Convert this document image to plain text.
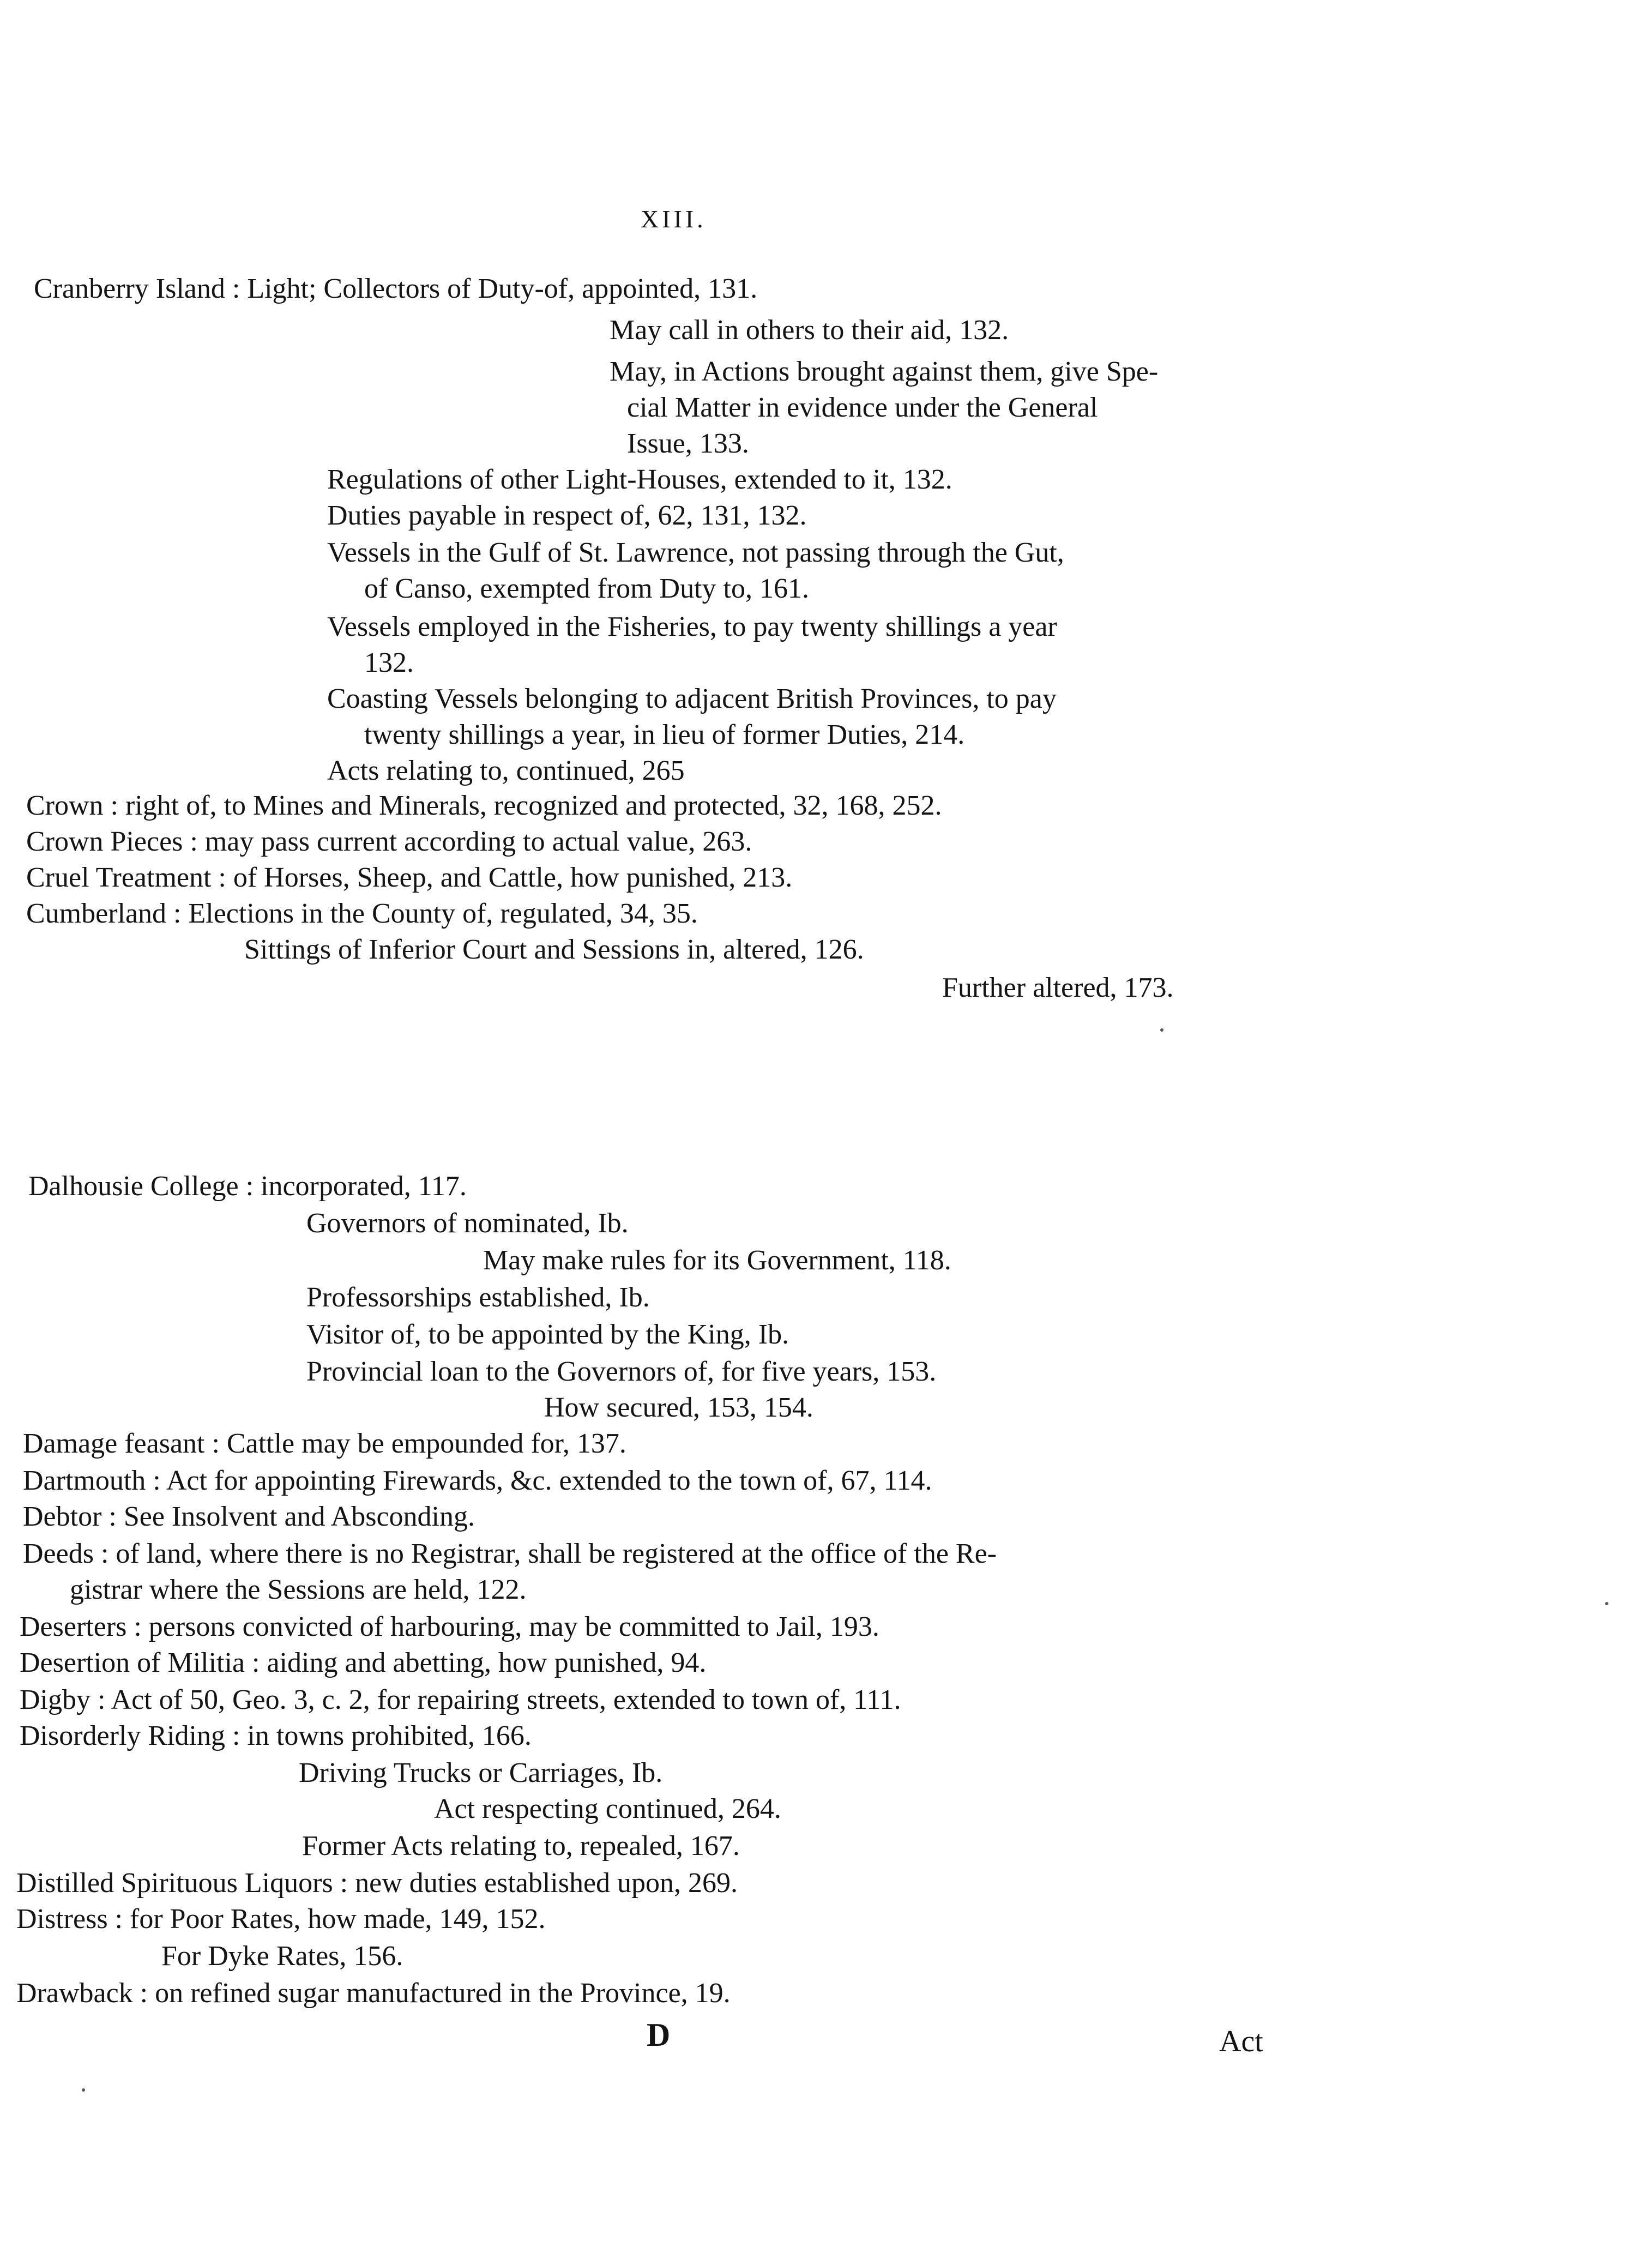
XIII.
Cranberry Island : Light; Collectors of Duty-of, appointed, 131.
May call in others to their aid, 132.
May, in Actions brought against them, give Spe-
cial Matter in evidence under the General
Issue, 133.
Regulations of other Light-Houses, extended to it, 132.
Duties payable in respect of, 62, 131, 132.
Vessels in the Gulf of St. Lawrence, not passing through the Gut,
of Canso, exempted from Duty to, 161.
Vessels employed in the Fisheries, to pay twenty shillings a year
132.
Coasting Vessels belonging to adjacent British Provinces, to pay
twenty shillings a year, in lieu of former Duties, 214.
Acts relating to, continued, 265
Crown : right of, to Mines and Minerals, recognized and protected, 32, 168, 252.
Crown Pieces : may pass current according to actual value, 263.
Cruel Treatment : of Horses, Sheep, and Cattle, how punished, 213.
Cumberland : Elections in the County of, regulated, 34, 35.
Sittings of Inferior Court and Sessions in, altered, 126.
Further altered, 173.
Dalhousie College : incorporated, 117.
Governors of nominated, Ib.
May make rules for its Government, 118.
Professorships established, Ib.
Visitor of, to be appointed by the King, Ib.
Provincial loan to the Governors of, for five years, 153.
How secured, 153, 154.
Damage feasant : Cattle may be empounded for, 137.
Dartmouth : Act for appointing Firewards, &c. extended to the town of, 67, 114.
Debtor : See Insolvent and Absconding.
Deeds : of land, where there is no Registrar, shall be registered at the office of the Re-
gistrar where the Sessions are held, 122.
Deserters : persons convicted of harbouring, may be committed to Jail, 193.
Desertion of Militia : aiding and abetting, how punished, 94.
Digby : Act of 50, Geo. 3, c. 2, for repairing streets, extended to town of, 111.
Disorderly Riding : in towns prohibited, 166.
Driving Trucks or Carriages, Ib.
Act respecting continued, 264.
Former Acts relating to, repealed, 167.
Distilled Spirituous Liquors : new duties established upon, 269.
Distress : for Poor Rates, how made, 149, 152.
For Dyke Rates, 156.
Drawback : on refined sugar manufactured in the Province, 19.
D	Act
